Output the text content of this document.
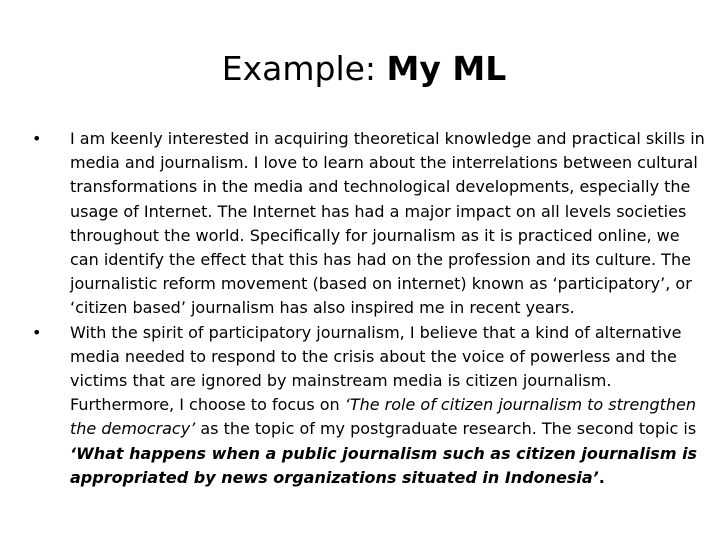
Example: My ML
• I am keenly interested in acquiring theoretical knowledge and practical skills in media and journalism. I love to learn about the interrelations between cultural transformations in the media and technological developments, especially the usage of Internet. The Internet has had a major impact on all levels societies throughout the world. Specifically for journalism as it is practiced online, we can identify the effect that this has had on the profession and its culture. The journalistic reform movement (based on internet) known as ‘participatory’, or ‘citizen based’ journalism has also inspired me in recent years.
• With the spirit of participatory journalism, I believe that a kind of alternative media needed to respond to the crisis about the voice of powerless and the victims that are ignored by mainstream media is citizen journalism. Furthermore, I choose to focus on ‘The role of citizen journalism to strengthen the democracy’ as the topic of my postgraduate research. The second topic is ‘What happens when a public journalism such as citizen journalism is appropriated by news organizations situated in Indonesia’.
